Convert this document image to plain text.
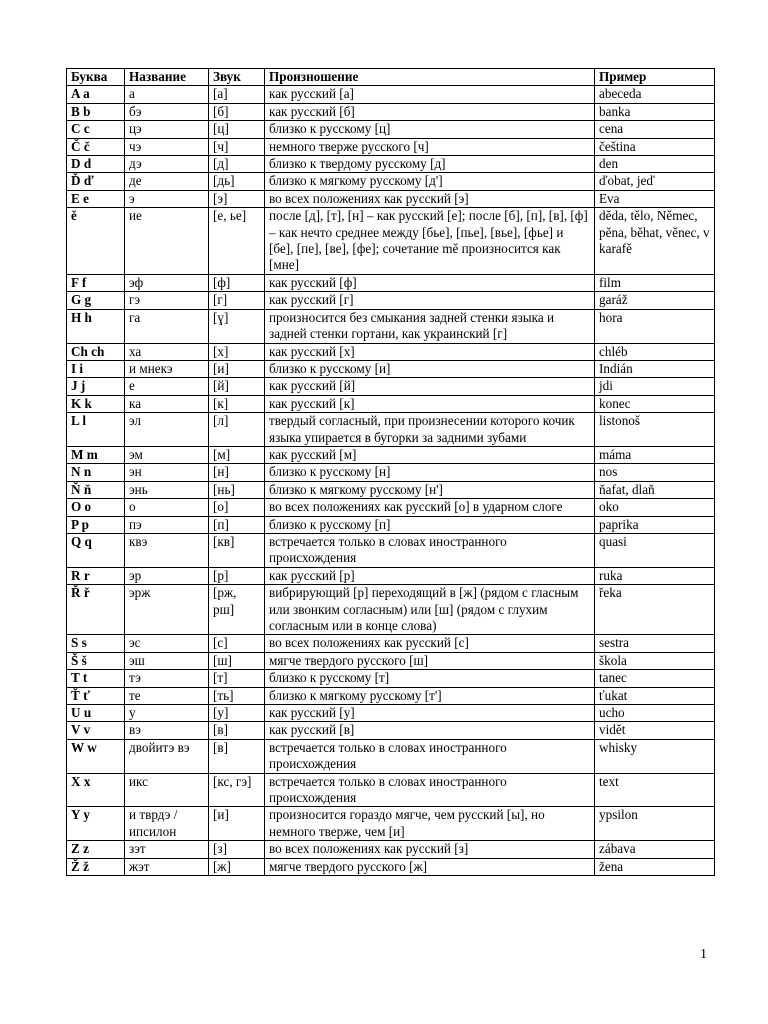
Буква	Название	Звук	Произношение	Пример
A a	а	[а]	как русский [а]	abeceda
B b	бэ	[б]	как русский [б]	banka
C c	цэ	[ц]	близко к русскому [ц]	cena
Č č	чэ	[ч]	немного тверже русского [ч]	čeština
D d	дэ	[д]	близко к твердому русскому [д]	den
Ď ď	де	[дь]	близко к мягкому русскому [д']	ďobat, jeď
E e	э	[э]	во всех положениях как русский [э]	Eva
ě	ие	[е, ье]	после [д], [т], [н] – как русский [е]; после [б], [п], [в], [ф] – как нечто среднее между [бье], [пье], [вье], [фье] и [бе], [пе], [ве], [фе]; сочетание mě произносится как [мне]	děda, tělo, Němec, pěna, běhat, věnec, v karafě
F f	эф	[ф]	как русский [ф]	film
G g	гэ	[г]	как русский [г]	garáž
H h	га	[ɣ]	произносится без смыкания задней стенки языка и задней стенки гортани, как украинский [г]	hora
Ch ch	ха	[х]	как русский [х]	chléb
I i	и мнекэ	[и]	близко к русскому [и]	Indián
J j	е	[й]	как русский [й]	jdi
K k	ка	[к]	как русский [к]	konec
L l	эл	[л]	твердый согласный, при произнесении которого кочик языка упирается в бугорки за задними зубами	listonoš
M m	эм	[м]	как русский [м]	máma
N n	эн	[н]	близко к русскому [н]	nos
Ň ň	энь	[нь]	близко к мягкому русскому [н']	ňafat, dlaň
O o	о	[о]	во всех положениях как русский [о] в ударном слоге	oko
P p	пэ	[п]	близко к русскому [п]	paprika
Q q	квэ	[кв]	встречается только в словах иностранного происхождения	quasi
R r	эр	[р]	как русский [р]	ruka
Ř ř	эрж	[рж, рш]	вибрирующий [р] переходящий в [ж] (рядом с гласным или звонким согласным) или [ш] (рядом с глухим согласным или в конце слова)	řeka
S s	эс	[с]	во всех положениях как русский [с]	sestra
Š š	эш	[ш]	мягче твердого русского [ш]	škola
T t	тэ	[т]	близко к русскому [т]	tanec
Ť ť	те	[ть]	близко к мягкому русскому [т']	ťukat
U u	у	[у]	как русский [у]	ucho
V v	вэ	[в]	как русский [в]	vidět
W w	двойитэ вэ	[в]	встречается только в словах иностранного происхождения	whisky
X x	икс	[кс, гэ]	встречается только в словах иностранного происхождения	text
Y y	и тврдэ / ипсилон	[и]	произносится гораздо мягче, чем русский [ы], но немного тверже, чем [и]	ypsilon
Z z	зэт	[з]	во всех положениях как русский [з]	zábava
Ž ž	жэт	[ж]	мягче твердого русского [ж]	žena
1
